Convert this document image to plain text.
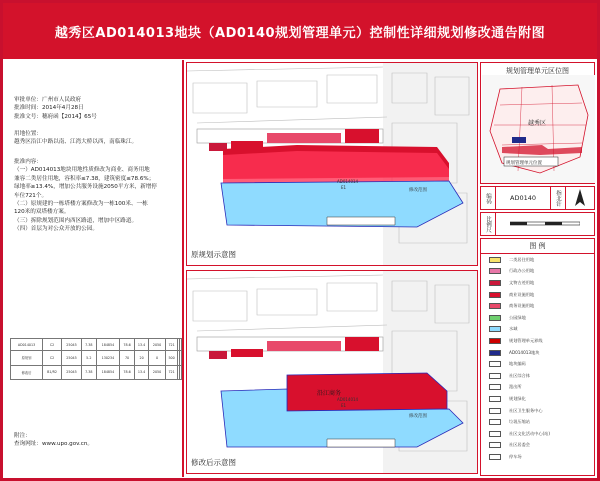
越秀区AD014013地块（AD0140规划管理单元）控制性详细规划修改通告附图
审批单位：广州市人民政府
批准时间：2014年4月28日
批准文号：穗府函【2014】65号
用地位置：
越秀区沿江中路以南、江湾大桥以西，南临珠江。
批准内容：
（一）AD014013地块用地性质修改为商业、商务用地
兼容二类居住用地，容积率≤7.38，建筑密度≤78.6%；
绿地率≥13.4%，增加公共服务设施2050平方米，新增停
车位721个。
（二）原规建的一栋塔楼方案修改为一栋100米、一栋
120米的双塔楼方案。
（三）拆除规划范围内西区路道，增加中区路道。
（四）首层为对公众开放的公园。
AD014013	C2	25045	7.38	184854	78.6	13.4	2050	721		
原规划	C2	25045	5.2	130234	70	20	0	500		
修改后	B1/R2	25045	7.38	184854	78.6	13.4	2050	721		
附注：
查询网址：www.upo.gov.cn。
AD014014
E1
修改范围
原规划示意图
AD014014
E1
修改范围
沿江商务
修改后示意图
规划管理单元区位图
越秀区
规划管理单元位置
编码	AD0140	指北针
比例尺
图 例
二类居住用地
行政办公用地
文物古迹用地
商业设施用地
商务设施用地
公园绿地
水域
规划管理单元界线
AD014013地块
地块编码
社区综合体
派出所
规划绿化
社区卫生服务中心
垃圾压缩站
社区文化活动中心(站)
社区居委会
停车场
